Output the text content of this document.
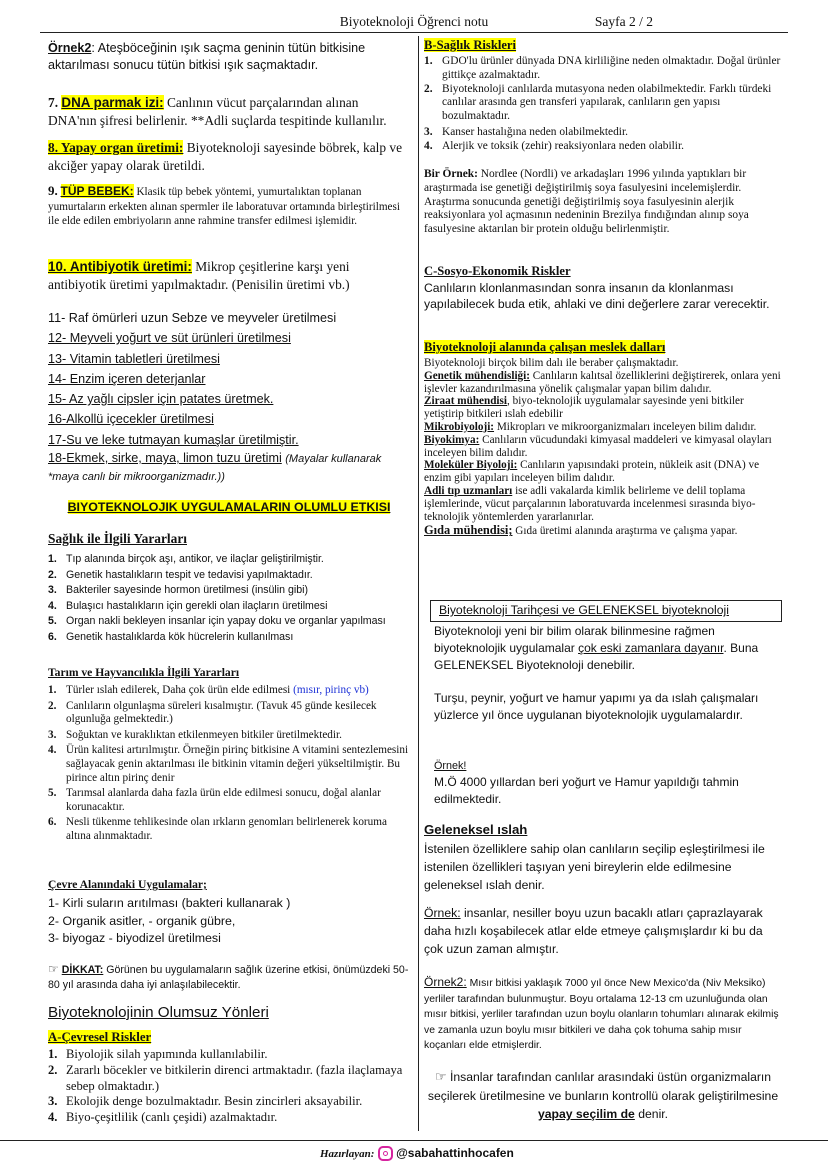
Biyoteknoloji Öğrenci notu	Sayfa 2 / 2
Örnek2: Ateşböceğinin ışık saçma geninin tütün bitkisine aktarılması sonucu tütün bitkisi ışık saçmaktadır.
7. DNA parmak izi: Canlının vücut parçalarından alınan DNA'nın şifresi belirlenir. **Adli suçlarda tespitinde kullanılır.
8. Yapay organ üretimi: Biyoteknoloji sayesinde böbrek, kalp ve akciğer yapay olarak üretildi.
9. TÜP BEBEK: Klasik tüp bebek yöntemi, yumurtalıktan toplanan yumurtaların erkekten alınan spermler ile laboratuvar ortamında birleştirilmesi ile elde edilen embriyoların anne rahmine transfer edilmesi işlemidir.
10. Antibiyotik üretimi: Mikrop çeşitlerine karşı yeni antibiyotik üretimi yapılmaktadır. (Penisilin üretimi vb.)
11- Raf ömürleri uzun Sebze ve meyveler üretilmesi
12- Meyveli yoğurt ve süt ürünleri üretilmesi
13- Vitamin tabletleri üretilmesi
14- Enzim içeren deterjanlar
15- Az yağlı cipsler için patates üretmek.
16-Alkollü içecekler üretilmesi
17-Su ve leke tutmayan kumaşlar üretilmiştir.
18-Ekmek, sirke, maya, limon tuzu üretimi (Mayalar kullanarak *maya canlı bir mikroorganizmadır.))
BIYOTEKNOLOJIK UYGULAMALARIN OLUMLU ETKISI
Sağlık ile İlgili Yararları
1. Tıp alanında birçok aşı, antikor, ve ilaçlar geliştirilmiştir.
2. Genetik hastalıkların tespit ve tedavisi yapılmaktadır.
3. Bakteriler sayesinde hormon üretilmesi (insülin gibi)
4. Bulaşıcı hastalıkların için gerekli olan ilaçların üretilmesi
5. Organ nakli bekleyen insanlar için yapay doku ve organlar yapılması
6. Genetik hastalıklarda kök hücrelerin kullanılması
Tarım ve Hayvancılıkla İlgili Yararları
1. Türler ıslah edilerek, Daha çok ürün elde edilmesi (mısır, pirinç vb)
2. Canlıların olgunlaşma süreleri kısalmıştır. (Tavuk 45 günde kesilecek olgunluğa gelmektedir.)
3. Soğuktan ve kuraklıktan etkilenmeyen bitkiler üretilmektedir.
4. Ürün kalitesi artırılmıştır. Örneğin pirinç bitkisine A vitamini sentezlemesini sağlayacak genin aktarılması ile bitkinin vitamin değeri yükseltilmiştir. Bu pirince altın pirinç denir
5. Tarımsal alanlarda daha fazla ürün elde edilmesi sonucu, doğal alanlar korunacaktır.
6. Nesli tükenme tehlikesinde olan ırkların genomları belirlenerek koruma altına alınmaktadır.
Çevre Alanındaki Uygulamalar;
1- Kirli suların arıtılması (bakteri kullanarak )
2- Organik asitler, - organik gübre,
3- biyogaz - biyodizel üretilmesi
☞ DİKKAT: Görünen bu uygulamaların sağlık üzerine etkisi, önümüzdeki 50-80 yıl arasında daha iyi anlaşılabilecektir.
Biyoteknolojinin Olumsuz Yönleri
A-Çevresel Riskler
1. Biyolojik silah yapımında kullanılabilir.
2. Zararlı böcekler ve bitkilerin direnci artmaktadır. (fazla ilaçlamaya sebep olmaktadır.)
3. Ekolojik denge bozulmaktadır. Besin zincirleri aksayabilir.
4. Biyo-çeşitlilik (canlı çeşidi) azalmaktadır.
B-Sağlık Riskleri
1. GDO'lu ürünler dünyada DNA kirliliğine neden olmaktadır. Doğal ürünler gittikçe azalmaktadır.
2. Biyoteknoloji canlılarda mutasyona neden olabilmektedir. Farklı türdeki canlılar arasında gen transferi yapılarak, canlıların gen yapısı bozulmaktadır.
3. Kanser hastalığına neden olabilmektedir.
4. Alerjik ve toksik (zehir) reaksiyonlara neden olabilir.
Bir Örnek: Nordlee (Nordli) ve arkadaşları 1996 yılında yaptıkları bir araştırmada ise genetiği değiştirilmiş soya fasulyesini incelemişlerdir. Araştırma sonucunda genetiği değiştirilmiş soya fasulyesinin alerjik reaksiyonlara yol açmasının nedeninin Brezilya fındığından alınıp soya fasulyesine aktarılan bir protein olduğu belirlenmiştir.
C-Sosyo-Ekonomik Riskler
Canlıların klonlanmasından sonra insanın da klonlanması yapılabilecek buda etik, ahlaki ve dini değerlere zarar verecektir.
Biyoteknoloji alanında çalışan meslek dalları
Biyoteknoloji birçok bilim dalı ile beraber çalışmaktadır.
Genetik mühendisliği: Canlıların kalıtsal özelliklerini değiştirerek, onlara yeni işlevler kazandırılmasına yönelik çalışmalar yapan bilim dalıdır.
Ziraat mühendisi, biyo-teknolojik uygulamalar sayesinde yeni bitkiler yetiştirip bitkileri ıslah edebilir
Mikrobiyoloji: Mikropları ve mikroorganizmaları inceleyen bilim dalıdır.
Biyokimya: Canlıların vücudundaki kimyasal maddeleri ve kimyasal olayları inceleyen bilim dalıdır.
Moleküler Biyoloji: Canlıların yapısındaki protein, nükleik asit (DNA) ve enzim gibi yapıları inceleyen bilim dalıdır.
Adli tıp uzmanları ise adli vakalarda kimlik belirleme ve delil toplama işlemlerinde, vücut parçalarının laboratuvarda incelenmesi sırasında biyo-teknolojik yöntemlerden yararlanırlar.
Gıda mühendisi; Gıda üretimi alanında araştırma ve çalışma yapar.
Biyoteknoloji Tarihçesi ve GELENEKSEL biyoteknoloji
Biyoteknoloji yeni bir bilim olarak bilinmesine rağmen biyoteknolojik uygulamalar çok eski zamanlara dayanır. Buna GELENEKSEL Biyoteknoloji denebilir.
Turşu, peynir, yoğurt ve hamur yapımı ya da ıslah çalışmaları yüzlerce yıl önce uygulanan biyoteknolojik uygulamalardır.
Örnek!
M.Ö 4000 yıllardan beri yoğurt ve Hamur yapıldığı tahmin edilmektedir.
Geleneksel ıslah
İstenilen özelliklere sahip olan canlıların seçilip eşleştirilmesi ile istenilen özellikleri taşıyan yeni bireylerin elde edilmesine geleneksel ıslah denir.
Örnek: insanlar, nesiller boyu uzun bacaklı atları çaprazlayarak daha hızlı koşabilecek atlar elde etmeye çalışmışlardır ki bu da çok uzun zaman almıştır.
Örnek2: Mısır bitkisi yaklaşık 7000 yıl önce New Mexico'da (Niv Meksiko) yerliler tarafından bulunmuştur. Boyu ortalama 12-13 cm uzunluğunda olan mısır bitkisi, yerliler tarafından uzun boylu olanların tohumları alınarak ekilmiş ve zamanla uzun boylu mısır bitkileri ve daha çok tohuma sahip mısır koçanları elde etmişlerdir.
☞ İnsanlar tarafından canlılar arasındaki üstün organizmaların seçilerek üretilmesine ve bunların kontrollü olarak geliştirilmesine yapay seçilim de denir.
Hazırlayan: @sabahattinhocafen
